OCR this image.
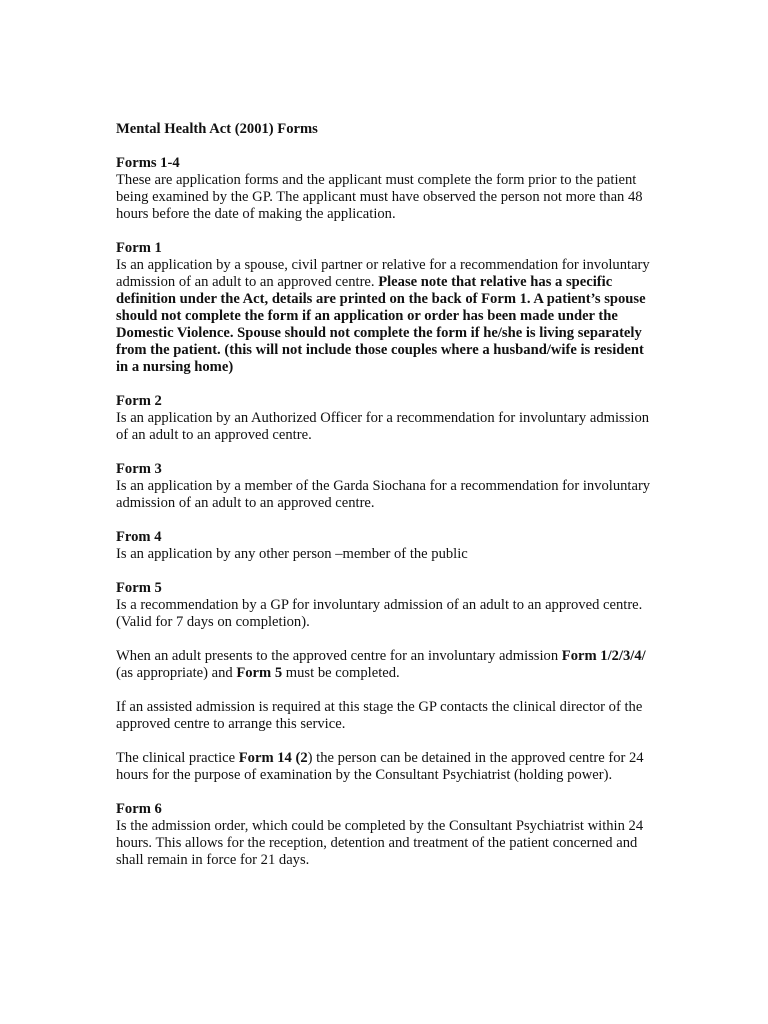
Mental Health Act (2001) Forms
Forms 1-4
These are application forms and the applicant must complete the form prior to the patient being examined by the GP. The applicant must have observed the person not more than 48 hours before the date of making the application.
Form 1
Is an application by a spouse, civil partner or relative for a recommendation for involuntary admission of an adult to an approved centre. Please note that relative has a specific definition under the Act, details are printed on the back of Form 1. A patient’s spouse should not complete the form if an application or order has been made under the Domestic Violence. Spouse should not complete the form if he/she is living separately from the patient. (this will not include those couples where a husband/wife is resident in a nursing home)
Form 2
Is an application by an Authorized Officer for a recommendation for involuntary admission of an adult to an approved centre.
Form 3
Is an application by a member of the Garda Siochana for a recommendation for involuntary admission of an adult to an approved centre.
From 4
Is an application by any other person –member of the public
Form 5
Is a recommendation by a GP for involuntary admission of an adult to an approved centre. (Valid for 7 days on completion).
When an adult presents to the approved centre for an involuntary admission Form 1/2/3/4/ (as appropriate) and Form 5 must be completed.
If an assisted admission is required at this stage the GP contacts the clinical director of the approved centre to arrange this service.
The clinical practice Form 14 (2) the person can be detained in the approved centre for 24 hours for the purpose of examination by the Consultant Psychiatrist (holding power).
Form 6
Is the admission order, which could be completed by the Consultant Psychiatrist within 24 hours. This allows for the reception, detention and treatment of the patient concerned and shall remain in force for 21 days.
